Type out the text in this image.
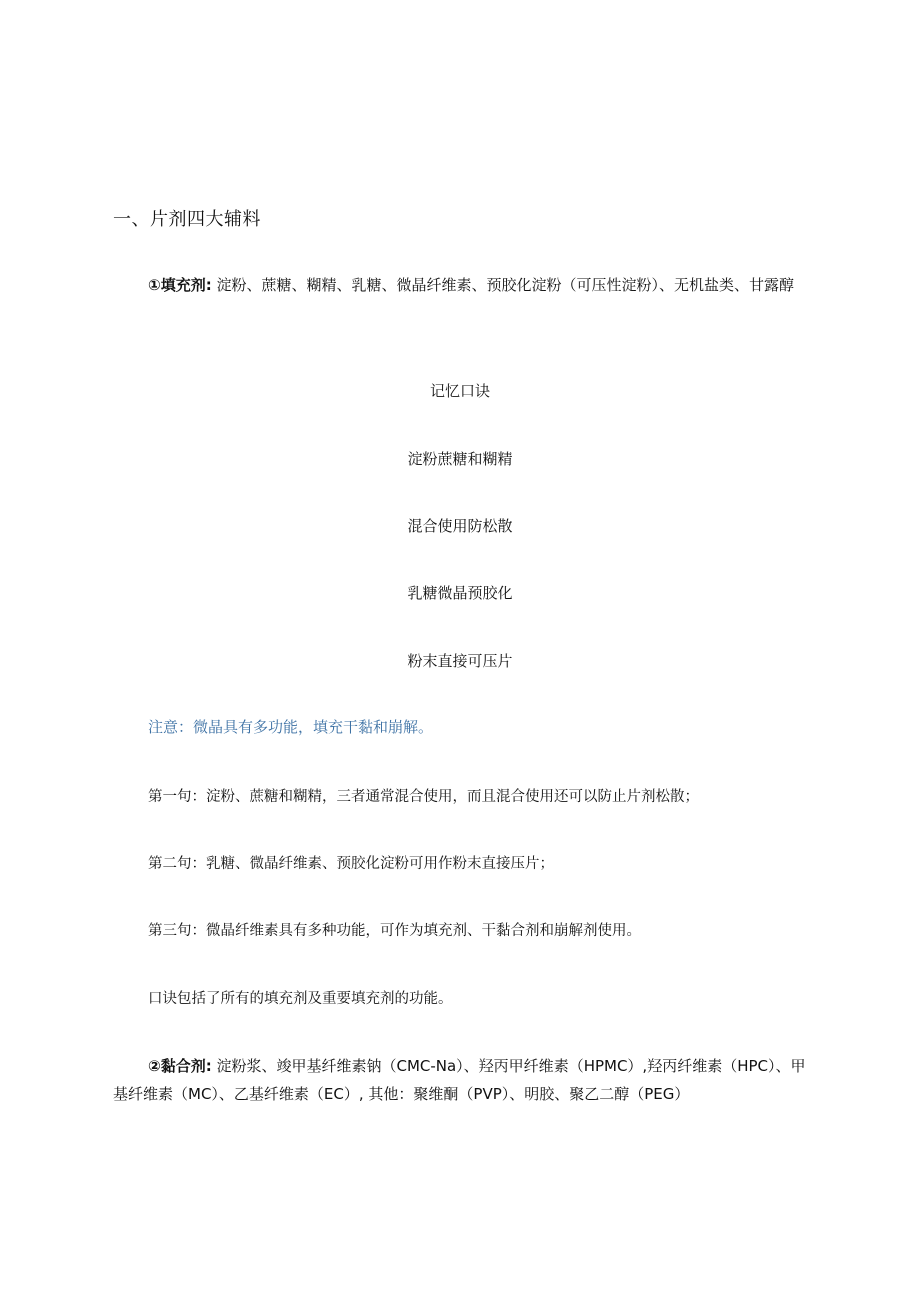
一、片剂四大辅料
①填充剂: 淀粉、蔗糖、糊精、乳糖、微晶纤维素、预胶化淀粉（可压性淀粉）、无机盐类、甘露醇
记忆口诀
淀粉蔗糖和糊精
混合使用防松散
乳糖微晶预胶化
粉末直接可压片
注意：微晶具有多功能，填充干黏和崩解。
第一句：淀粉、蔗糖和糊精，三者通常混合使用，而且混合使用还可以防止片剂松散；
第二句：乳糖、微晶纤维素、预胶化淀粉可用作粉末直接压片；
第三句：微晶纤维素具有多种功能，可作为填充剂、干黏合剂和崩解剂使用。
口诀包括了所有的填充剂及重要填充剂的功能。
②黏合剂: 淀粉浆、竣甲基纤维素钠（CMC-Na）、羟丙甲纤维素（HPMC）,羟丙纤维素（HPC）、甲基纤维素（MC）、乙基纤维素（EC）, 其他：聚维酮（PVP）、明胶、聚乙二醇（PEG）
